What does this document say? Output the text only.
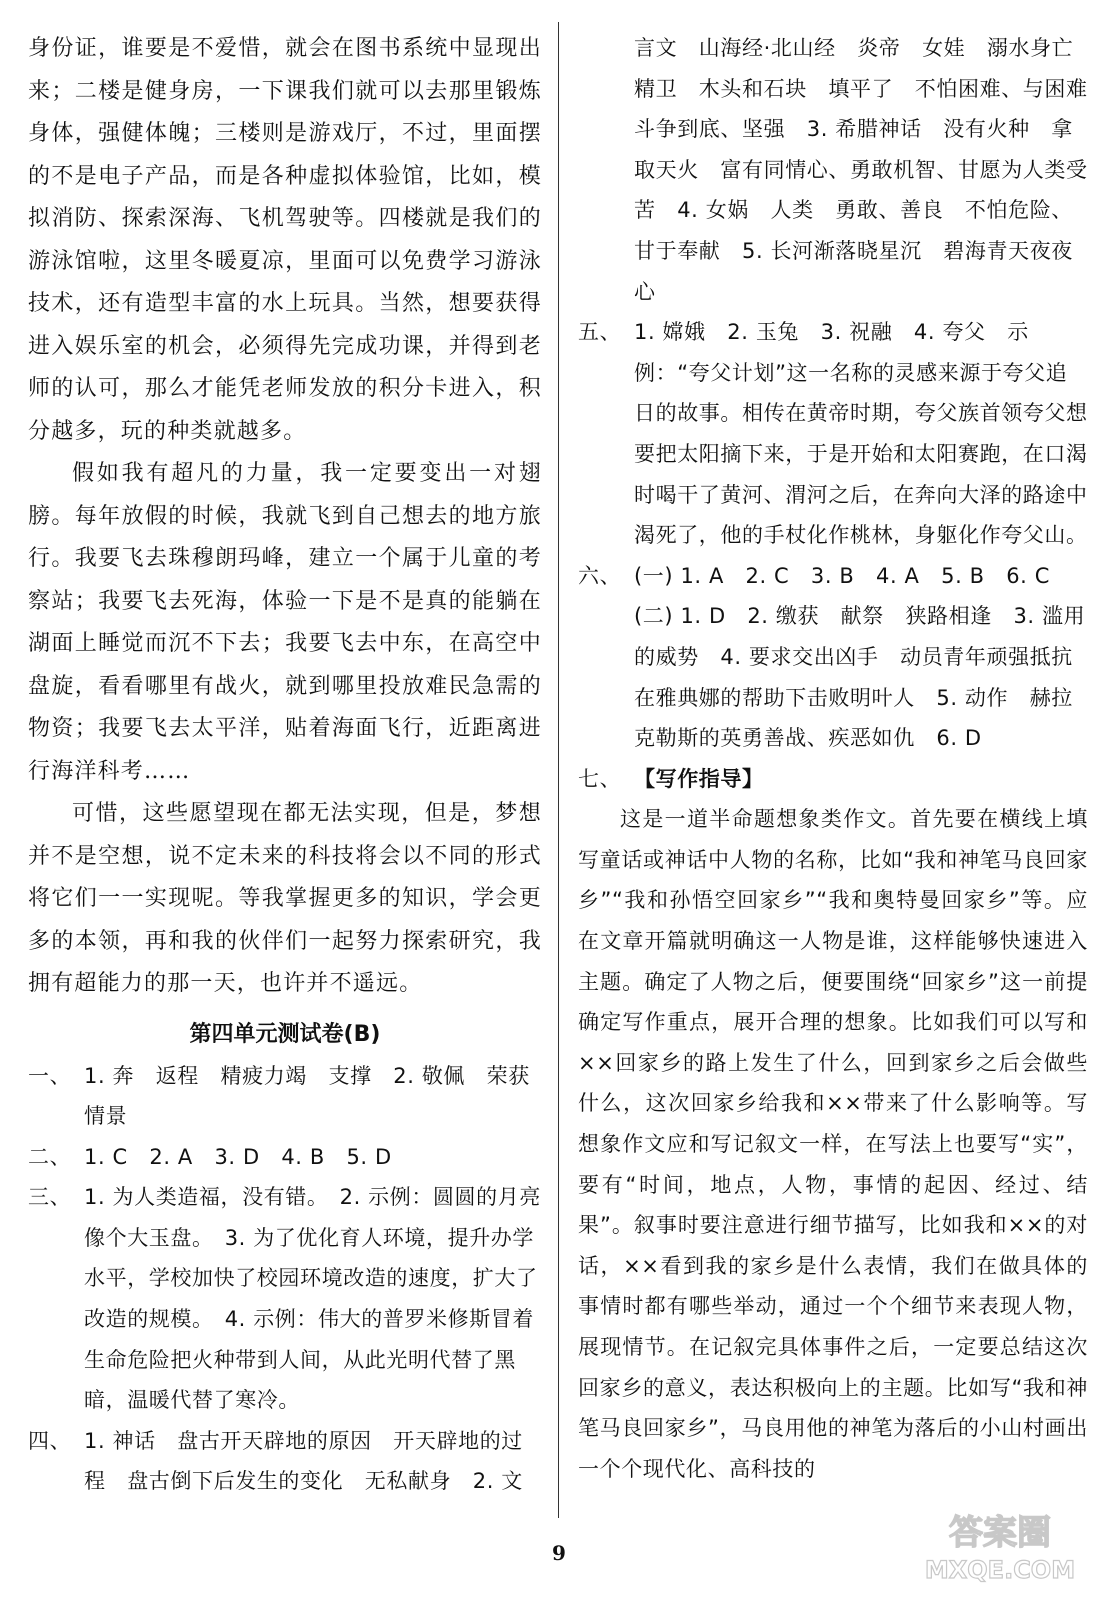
身份证，谁要是不爱惜，就会在图书系统中显现出来；二楼是健身房，一下课我们就可以去那里锻炼身体，强健体魄；三楼则是游戏厅，不过，里面摆的不是电子产品，而是各种虚拟体验馆，比如，模拟消防、探索深海、飞机驾驶等。四楼就是我们的游泳馆啦，这里冬暖夏凉，里面可以免费学习游泳技术，还有造型丰富的水上玩具。当然，想要获得进入娱乐室的机会，必须得先完成功课，并得到老师的认可，那么才能凭老师发放的积分卡进入，积分越多，玩的种类就越多。

假如我有超凡的力量，我一定要变出一对翅膀。每年放假的时候，我就飞到自己想去的地方旅行。我要飞去珠穆朗玛峰，建立一个属于儿童的考察站；我要飞去死海，体验一下是不是真的能躺在湖面上睡觉而沉不下去；我要飞去中东，在高空中盘旋，看看哪里有战火，就到哪里投放难民急需的物资；我要飞去太平洋，贴着海面飞行，近距离进行海洋科考……

可惜，这些愿望现在都无法实现，但是，梦想并不是空想，说不定未来的科技将会以不同的形式将它们一一实现呢。等我掌握更多的知识，学会更多的本领，再和我的伙伴们一起努力探索研究，我拥有超能力的那一天，也许并不遥远。

第四单元测试卷(B)
一、 1. 奔　返程　精疲力竭　支撑　2. 敬佩　荣获　情景
二、 1. C　2. A　3. D　4. B　5. D
三、 1. 为人类造福，没有错。　2. 示例：圆圆的月亮像个大玉盘。　3. 为了优化育人环境，提升办学水平，学校加快了校园环境改造的速度，扩大了改造的规模。　4. 示例：伟大的普罗米修斯冒着生命危险把火种带到人间，从此光明代替了黑暗，温暖代替了寒冷。
四、 1. 神话　盘古开天辟地的原因　开天辟地的过程　盘古倒下后发生的变化　无私献身　2. 文
言文　山海经·北山经　炎帝　女娃　溺水身亡　精卫　木头和石块　填平了　不怕困难、与困难斗争到底、坚强　3. 希腊神话　没有火种　拿取天火　富有同情心、勇敢机智、甘愿为人类受苦　4. 女娲　人类　勇敢、善良　不怕危险、甘于奉献　5. 长河渐落晓星沉　碧海青天夜夜心
五、 1. 嫦娥　2. 玉兔　3. 祝融　4. 夸父　示例：“夸父计划”这一名称的灵感来源于夸父追日的故事。相传在黄帝时期，夸父族首领夸父想要把太阳摘下来，于是开始和太阳赛跑，在口渴时喝干了黄河、渭河之后，在奔向大泽的路途中渴死了，他的手杖化作桃林，身躯化作夸父山。
六、 (一) 1. A　2. C　3. B　4. A　5. B　6. C
(二) 1. D　2. 缴获　献祭　狭路相逢　3. 滥用的威势　4. 要求交出凶手　动员青年顽强抵抗　在雅典娜的帮助下击败明叶人　5. 动作　赫拉克勒斯的英勇善战、疾恶如仇　6. D
七、 【写作指导】

这是一道半命题想象类作文。首先要在横线上填写童话或神话中人物的名称，比如“我和神笔马良回家乡”“我和孙悟空回家乡”“我和奥特曼回家乡”等。应在文章开篇就明确这一人物是谁，这样能够快速进入主题。确定了人物之后，便要围绕“回家乡”这一前提确定写作重点，展开合理的想象。比如我们可以写和××回家乡的路上发生了什么，回到家乡之后会做些什么，这次回家乡给我和××带来了什么影响等。写想象作文应和写记叙文一样，在写法上也要写“实”，要有“时间，地点，人物，事情的起因、经过、结果”。叙事时要注意进行细节描写，比如我和××的对话，××看到我的家乡是什么表情，我们在做具体的事情时都有哪些举动，通过一个个细节来表现人物，展现情节。在记叙完具体事件之后，一定要总结这次回家乡的意义，表达积极向上的主题。比如写“我和神笔马良回家乡”，马良用他的神笔为落后的小山村画出一个个现代化、高科技的

9	答案圈
MXQE.COM
